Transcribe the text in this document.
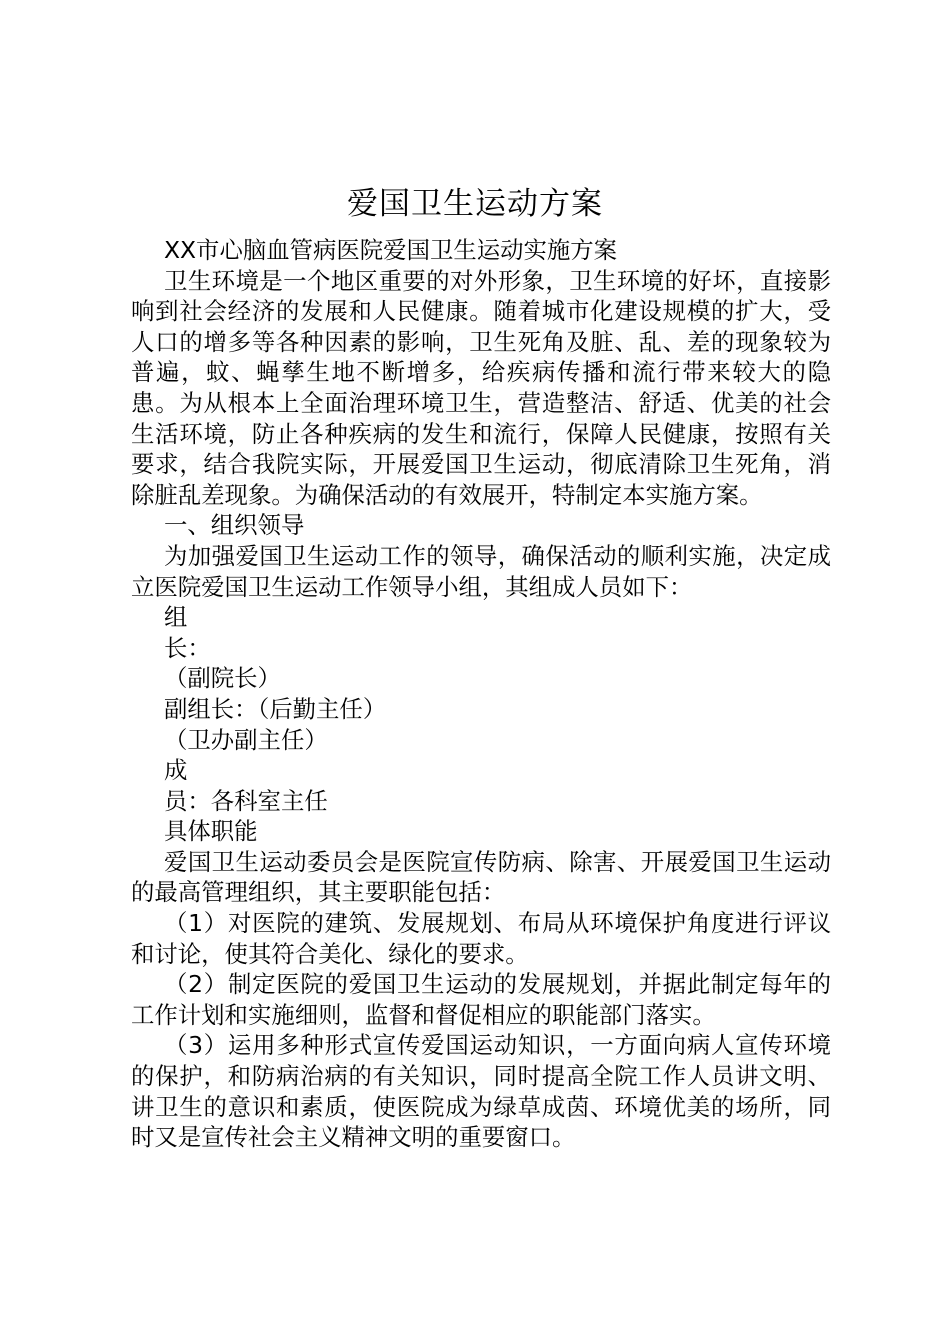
爱国卫生运动方案

XX市心脑血管病医院爱国卫生运动实施方案

卫生环境是一个地区重要的对外形象，卫生环境的好坏，直接影响到社会经济的发展和人民健康。随着城市化建设规模的扩大，受人口的增多等各种因素的影响，卫生死角及脏、乱、差的现象较为普遍，蚊、蝇孳生地不断增多，给疾病传播和流行带来较大的隐患。为从根本上全面治理环境卫生，营造整洁、舒适、优美的社会生活环境，防止各种疾病的发生和流行，保障人民健康，按照有关要求，结合我院实际，开展爱国卫生运动，彻底清除卫生死角，消除脏乱差现象。为确保活动的有效展开，特制定本实施方案。

一、组织领导

为加强爱国卫生运动工作的领导，确保活动的顺利实施，决定成立医院爱国卫生运动工作领导小组，其组成人员如下：

组

长：

（副院长）

副组长：（后勤主任）

（卫办副主任）

成

员：各科室主任

具体职能

爱国卫生运动委员会是医院宣传防病、除害、开展爱国卫生运动的最高管理组织，其主要职能包括：

（1）对医院的建筑、发展规划、布局从环境保护角度进行评议和讨论，使其符合美化、绿化的要求。

（2）制定医院的爱国卫生运动的发展规划，并据此制定每年的工作计划和实施细则，监督和督促相应的职能部门落实。

（3）运用多种形式宣传爱国运动知识，一方面向病人宣传环境的保护，和防病治病的有关知识，同时提高全院工作人员讲文明、讲卫生的意识和素质，使医院成为绿草成茵、环境优美的场所，同时又是宣传社会主义精神文明的重要窗口。
